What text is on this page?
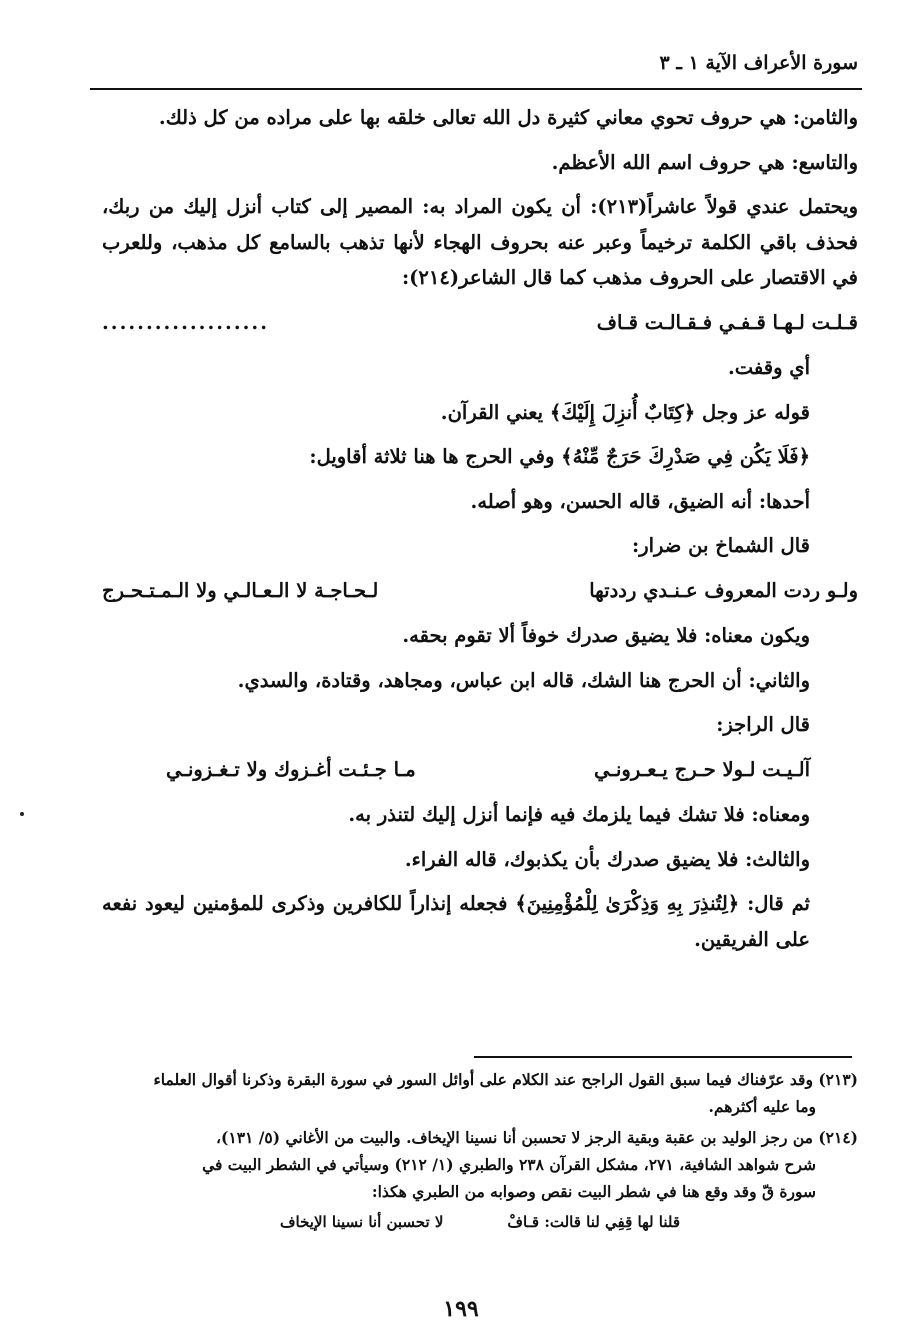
سورة الأعراف الآية ١ ـ ٣

والثامن: هي حروف تحوي معاني كثيرة دل الله تعالى خلقه بها على مراده من كل ذلك.

والتاسع: هي حروف اسم الله الأعظم.

ويحتمل عندي قولاً عاشراً(٢١٣): أن يكون المراد به: المصير إلى كتاب أنزل إليك من ربك، فحذف باقي الكلمة ترخيماً وعبر عنه بحروف الهجاء لأنها تذهب بالسامع كل مذهب، وللعرب في الاقتصار على الحروف مذهب كما قال الشاعر(٢١٤):

قـلـت لـهـا قـفـي فـقـالـت قـاف
...................

أي وقفت.

قوله عز وجل ﴿كِتَابٌ أُنزِلَ إِلَيْكَ﴾ يعني القرآن.

﴿فَلَا يَكُن فِي صَدْرِكَ حَرَجٌ مِّنْهُ﴾ وفي الحرج ها هنا ثلاثة أقاويل:

أحدها: أنه الضيق، قاله الحسن، وهو أصله.

قال الشماخ بن ضرار:

ولـو ردت المعروف عـنـدي رددتها
لـحـاجـة لا الـعـالـي ولا الـمـتـحـرج

ويكون معناه: فلا يضيق صدرك خوفاً ألا تقوم بحقه.

والثاني: أن الحرج هنا الشك، قاله ابن عباس، ومجاهد، وقتادة، والسدي.

قال الراجز:

آلـيـت لـولا حـرج يـعـرونـي
مـا جـئـت أغـزوك ولا تـغـزونـي

ومعناه: فلا تشك فيما يلزمك فيه فإنما أنزل إليك لتنذر به.

والثالث: فلا يضيق صدرك بأن يكذبوك، قاله الفراء.

ثم قال: ﴿لِتُنذِرَ بِهِ وَذِكْرَىٰ لِلْمُؤْمِنِينَ﴾ فجعله إنذاراً للكافرين وذكرى للمؤمنين ليعود نفعه على الفريقين.

(٢١٣) وقد عرّفناك فيما سبق القول الراجح عند الكلام على أوائل السور في سورة البقرة وذكرنا أقوال العلماء
وما عليه أكثرهم.

(٢١٤) من رجز الوليد بن عقبة وبقية الرجز لا تحسبن أنا نسينا الإيخاف. والبيت من الأغاني (٥/ ١٣١)،
شرح شواهد الشافية، ٢٧١، مشكل القرآن ٢٣٨ والطبري (١/ ٢١٢) وسيأتي في الشطر البيت في
سورة قّ وقد وقع هنا في شطر البيت نقص وصوابه من الطبري هكذا:

قلنا لها قِفِي لنا قالت: قـافْ
لا تحسبن أنا نسينا الإيخاف
١٩٩
